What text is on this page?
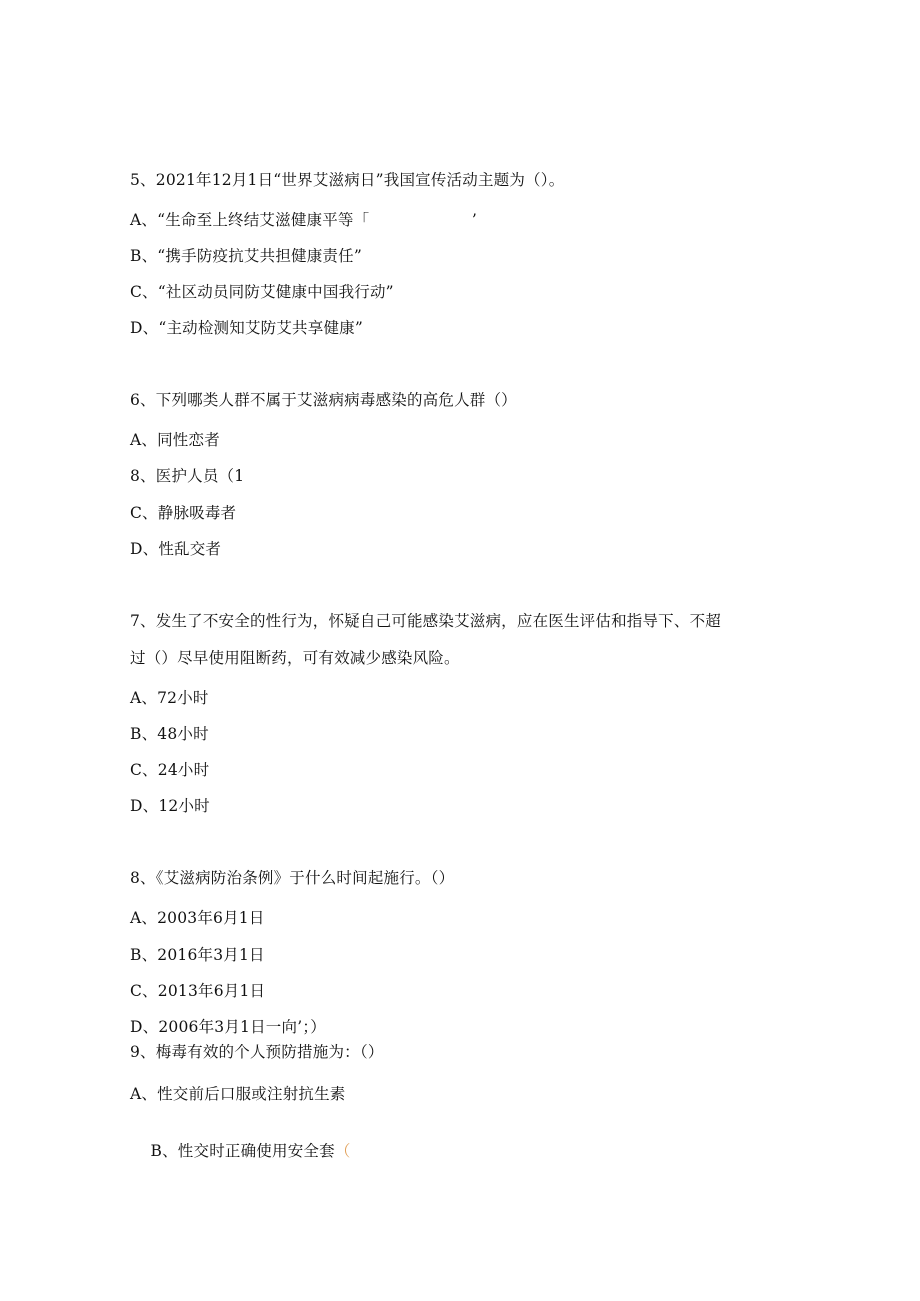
5、2021年12月1日“世界艾滋病日”我国宣传活动主题为（）。
A、“生命至上终结艾滋健康平等「                    ’
B、“携手防疫抗艾共担健康责任”
C、“社区动员同防艾健康中国我行动”
D、“主动检测知艾防艾共享健康”
6、下列哪类人群不属于艾滋病病毒感染的高危人群（）
A、同性恋者
8、医护人员（1
C、静脉吸毒者
D、性乱交者
7、发生了不安全的性行为，怀疑自己可能感染艾滋病，应在医生评估和指导下、不超
过（）尽早使用阻断药，可有效减少感染风险。
A、72小时
B、48小时
C、24小时
D、12小时
8、《艾滋病防治条例》于什么时间起施行。（）
A、2003年6月1日
B、2016年3月1日
C、2013年6月1日
D、2006年3月1日一向’；）
9、梅毒有效的个人预防措施为：（）
A、性交前后口服或注射抗生素

B、性交时正确使用安全套（
